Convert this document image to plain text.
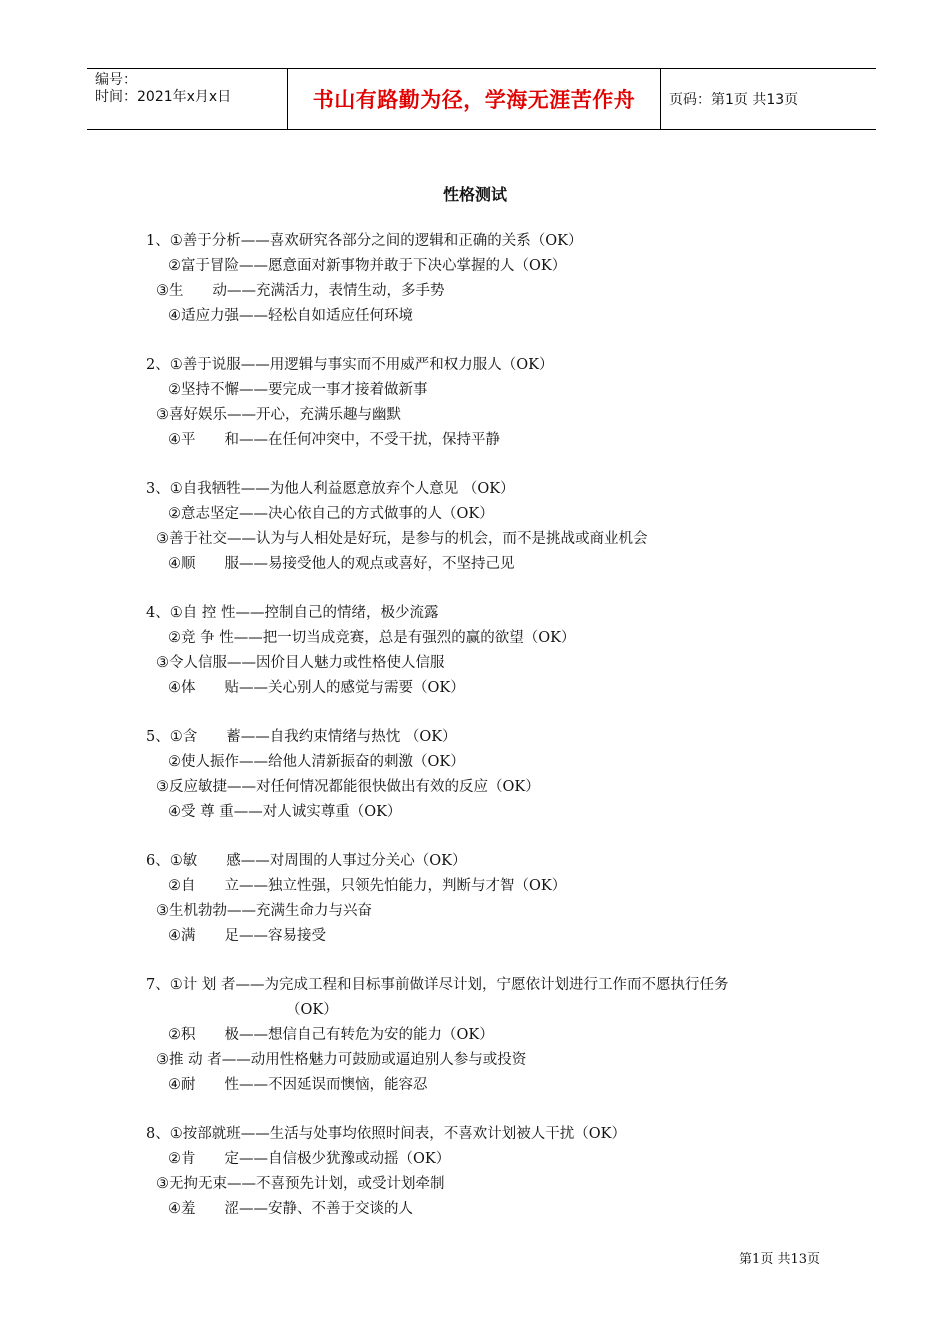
编号：
时间：2021年x月x日	书山有路勤为径，学海无涯苦作舟 页码：第1页 共13页
性格测试
1、①善于分析——喜欢研究各部分之间的逻辑和正确的关系（OK）
②富于冒险——愿意面对新事物并敢于下决心掌握的人（OK）
③生　　动——充满活力，表情生动，多手势
④适应力强——轻松自如适应任何环境
2、①善于说服——用逻辑与事实而不用威严和权力服人（OK）
②坚持不懈——要完成一事才接着做新事
③喜好娱乐——开心，充满乐趣与幽默
④平　　和——在任何冲突中，不受干扰，保持平静
3、①自我牺牲——为他人利益愿意放弃个人意见 （OK）
②意志坚定——决心依自己的方式做事的人（OK）
③善于社交——认为与人相处是好玩，是参与的机会，而不是挑战或商业机会
④顺　　服——易接受他人的观点或喜好，不坚持己见
4、①自 控 性——控制自己的情绪，极少流露
②竞 争 性——把一切当成竞赛，总是有强烈的赢的欲望（OK）
③令人信服——因价目人魅力或性格使人信服
④体　　贴——关心别人的感觉与需要（OK）
5、①含　　蓄——自我约束情绪与热忱 （OK）
②使人振作——给他人清新振奋的刺激（OK）
③反应敏捷——对任何情况都能很快做出有效的反应（OK）
④受 尊 重——对人诚实尊重（OK）
6、①敏　　感——对周围的人事过分关心（OK）
②自　　立——独立性强，只领先怕能力，判断与才智（OK）
③生机勃勃——充满生命力与兴奋
④满　　足——容易接受
7、①计 划 者——为完成工程和目标事前做详尽计划，宁愿依计划进行工作而不愿执行任务
（OK）
②积　　极——想信自己有转危为安的能力（OK）
③推 动 者——动用性格魅力可鼓励或逼迫别人参与或投资
④耐　　性——不因延误而懊恼，能容忍
8、①按部就班——生活与处事均依照时间表，不喜欢计划被人干扰（OK）
②肯　　定——自信极少犹豫或动摇（OK）
③无拘无束——不喜预先计划，或受计划牵制
④羞　　涩——安静、不善于交谈的人
第1页 共13页
